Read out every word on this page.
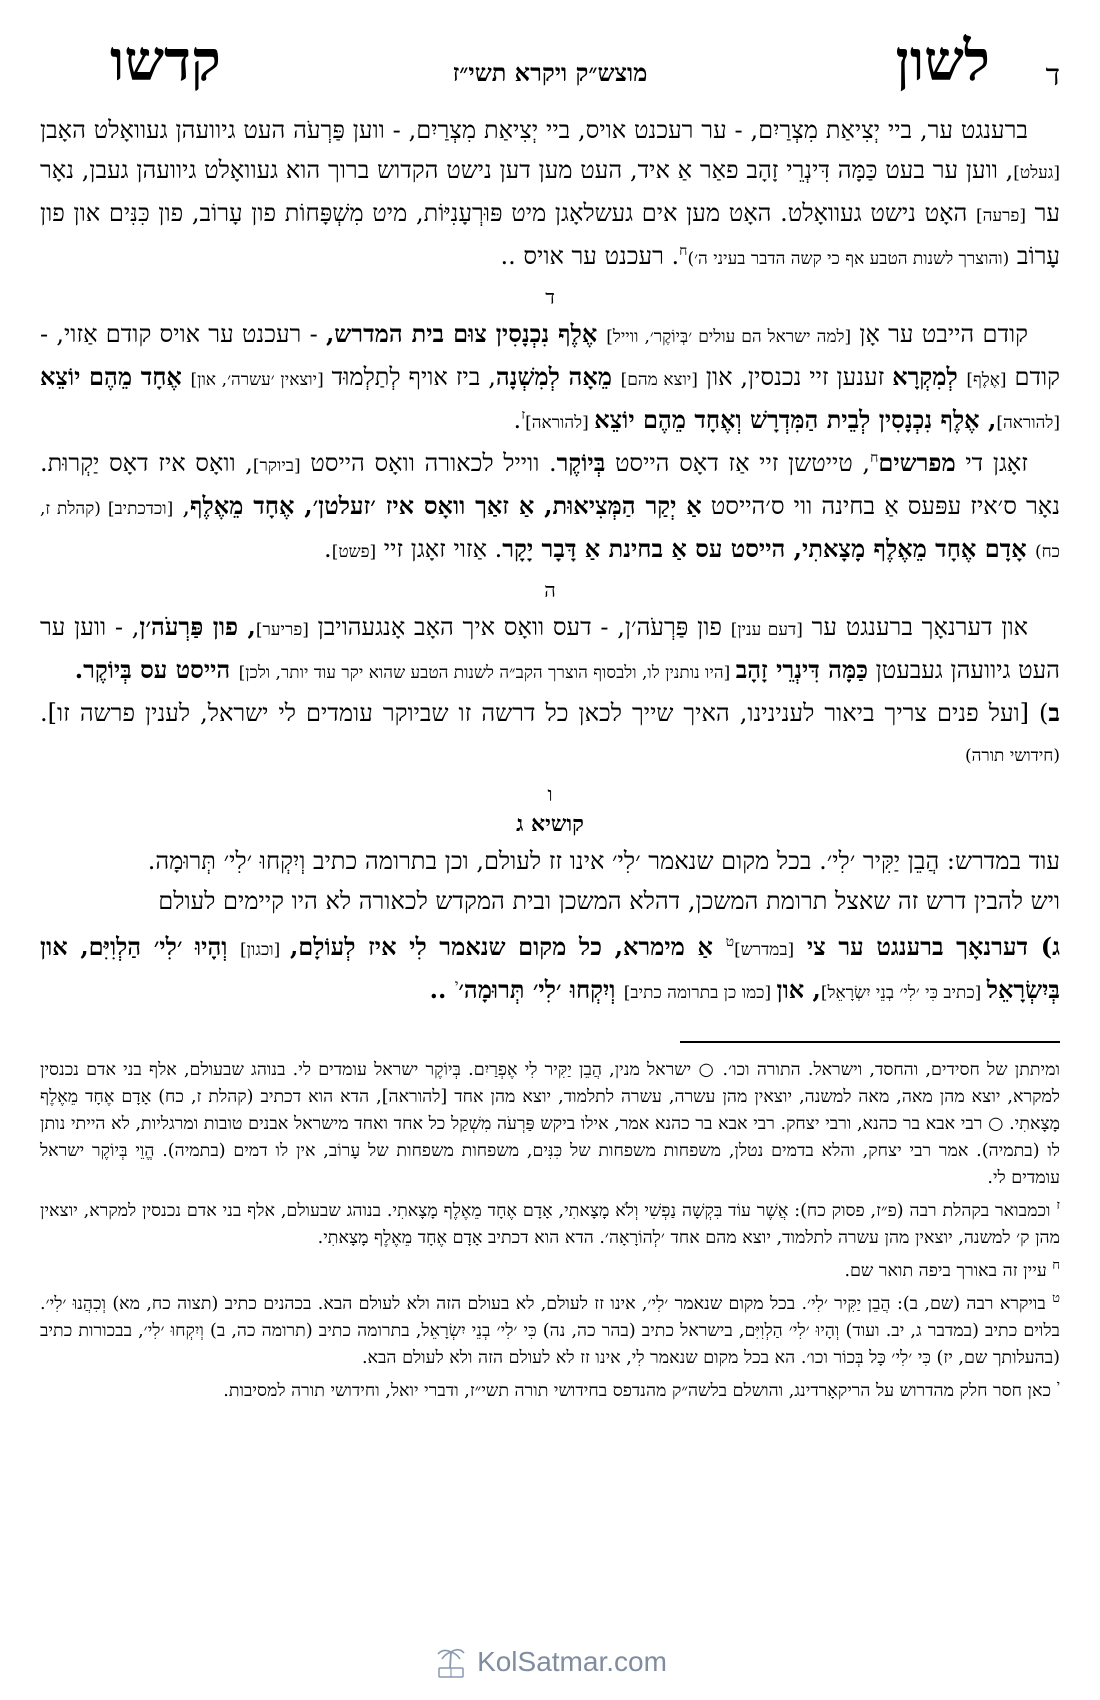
ד
לשון
מוצש״ק ויקרא תשי״ז
קדשו

ברענגט ער, ביי יְצִיאַת מִצְרַיִם, - ער רעכנט אויס, ביי יְצִיאַת מִצְרַיִם, - ווען פַּרְעֹה העט גיוועהן געוואָלט האָבן [געלט], ווען ער בעט כַּמָּה דִּינְרֵי זָהָב פאַר אַ איד, העט מען דען נישט הקדוש ברוך הוא געוואָלט גיוועהן געבן, נאָר ער [פרעה] האָט נישט געוואָלט. האָט מען אים געשלאָגן מיט פּוּרְעָנִיּוֹת, מיט מִשְׁפָּחוֹת פון עָרוֹב, פון כִּנִּים און פון עָרוֹב (והוצרך לשנות הטבע אף כי קשה הדבר בעיני ה׳)$^ח$. רעכנט ער אויס ..

ד

קודם הייבט ער אָן [למה ישראל הם עולים ׳בְּיוֹקֶר׳, ווייל] אֶלֶף נִכְנָסִין צוּם בית המדרש, - רעכנט ער אויס קודם אַזוי, - קודם [אֶלֶף] לְמִקְרָא זענען זיי נכנסין, און [יוצא מהם] מֵאָה לְמִשְׁנָה, ביז אויף לְתַלְמוּד [יוצאין ׳עשרה׳, און] אֶחָד מֵהֶם יוֹצֵא [להוראה], אֶלֶף נִכְנָסִין לְבֵית הַמִּדְרָשׁ וְאֶחָד מֵהֶם יוֹצֵא [להוראה]$^ז$.

זאָגן די מפרשים$^ח$, טייטשן זיי אַז דאָס הייסט בְּיוֹקֶר. ווייל לכאורה וואָס הייסט [ביוקר], וואָס איז דאָס יַקְרוּת. נאָר ס׳איז עפּעס אַ בחינה ווי ס׳הייסט אַ יְקַר הַמְּצִיאוּת, אַ זאַך וואָס איז ׳זעלטן׳, אֶחָד מֵאֶלֶף, [וכדכתיב] (קהלת ז, כח) אָדָם אֶחָד מֵאֶלֶף מָצָאתִי, הייסט עס אַ בחינת אַ דָּבָר יָקָר. אַזוי זאָגן זיי [פשט].

ה

און דערנאָך ברענגט ער [דעם ענין] פון פַּרְעֹה׳ן, - דעס וואָס איך האָב אָנגעהויבן [פריער], פון פַּרְעֹה׳ן, - ווען ער העט גיוועהן געבעטן כַּמָּה דִּינְרֵי זָהָב [היו נותנין לו, ולבסוף הוצרך הקב״ה לשנות הטבע שהוא יקר עוד יותר, ולכן] הייסט עס בְּיוֹקֶר.

ב) [ועל פנים צריך ביאור לענינינו, האיך שייך לכאן כל דרשה זו שביוקר עומדים לי ישראל, לענין פרשה זו]. (חידושי תורה)

ו
קושיא ג

עוד במדרש: הֲבֵן יַקִּיר ׳לִי׳. בכל מקום שנאמר ׳לִי׳ אינו זז לעולם, וכן בתרומה כתיב וְיִקְחוּ ׳לִי׳ תְּרוּמָה.

ויש להבין דרש זה שאצל תרומת המשכן, דהלא המשכן ובית המקדש לכאורה לא היו קיימים לעולם

ג) דערנאָך ברענגט ער צי [במדרש]$^ט$ אַ מימרא, כל מקום שנאמר לִי איז לְעוֹלָם, [וכגון] וְהָיוּ ׳לִי׳ הַלְוִיִּם, און בְּיִשְׂרָאֵל [כתיב כִּי ׳לִי׳ בְנֵי יִשְׂרָאֵל], און [כמו כן בתרומה כתיב] וְיִקְחוּ ׳לִי׳ תְּרוּמָה׳$^י$ ..

ומיתתן של חסידים, והחסד, וישראל. התורה וכו׳. ○ ישראל מנין, הֲבֵן יַקִּיר לִי אֶפְרַיִם. בְּיוֹקֶר ישראל עומדים לי. בנוהג שבעולם, אלף בני אדם נכנסין למקרא, יוצא מהן מאה, מאה למשנה, יוצאין מהן עשרה, עשרה לתלמוד, יוצא מהן אחד [להוראה], הדא הוא דכתיב (קהלת ז, כח) אָדָם אֶחָד מֵאֶלֶף מָצָאתִי. ○ רבי אבא בר כהנא, ורבי יצחק. רבי אבא בר כהנא אמר, אילו ביקש פַּרְעֹה מִשְׁקַל כל אחד ואחד מישראל אבנים טובות ומרגליות, לא הייתי נותן לו (בתמיה). אמר רבי יצחק, והלא בדמים נטלן, משפחות משפחות של כִּנִּים, משפחות משפחות של עָרוֹב, אין לו דמים (בתמיה). הֱוֵי בְּיוֹקֶר ישראל עומדים לי.

$^ז$ וכמבואר בקהלת רבה (פ״ז, פסוק כח): אֲשֶׁר עוֹד בִּקְשָׁה נַפְשִׁי וְלֹא מָצָאתִי, אָדָם אֶחָד מֵאֶלֶף מָצָאתִי. בנוהג שבעולם, אלף בני אדם נכנסין למקרא, יוצאין מהן ק׳ למשנה, יוצאין מהן עשרה לתלמוד, יוצא מהם אחד ׳לְהוֹרָאָה׳. הדא הוא דכתיב אָדָם אֶחָד מֵאֶלֶף מָצָאתִי.

$^ח$ עיין זה באורך ביפה תואר שם.

$^ט$ בויקרא רבה (שם, ב): הֲבֵן יַקִּיר ׳לִי׳. בכל מקום שנאמר ׳לִי׳, אינו זז לעולם, לא בעולם הזה ולא לעולם הבא. בכהנים כתיב (תצוה כח, מא) וְכִהֲנוּ ׳לִי׳. בלוים כתיב (במדבר ג, יב. ועוד) וְהָיוּ ׳לִי׳ הַלְוִיִּם, בישראל כתיב (בהר כה, נה) כִּי ׳לִי׳ בְנֵי יִשְׂרָאֵל, בתרומה כתיב (תרומה כה, ב) וְיִקְחוּ ׳לִי׳, בבכורות כתיב (בהעלותך שם, יז) כִּי ׳לִי׳ כָּל בְּכוֹר וכו׳. הא בכל מקום שנאמר לִי, אינו זז לא לעולם הזה ולא לעולם הבא.

$^י$ כאן חסר חלק מהדרוש על הריקאָרדינג, והושלם בלשה״ק מהנדפס בחידושי תורה תשי״ז, ודברי יואל, וחידושי תורה למסיבות.

KolSatmar.com
